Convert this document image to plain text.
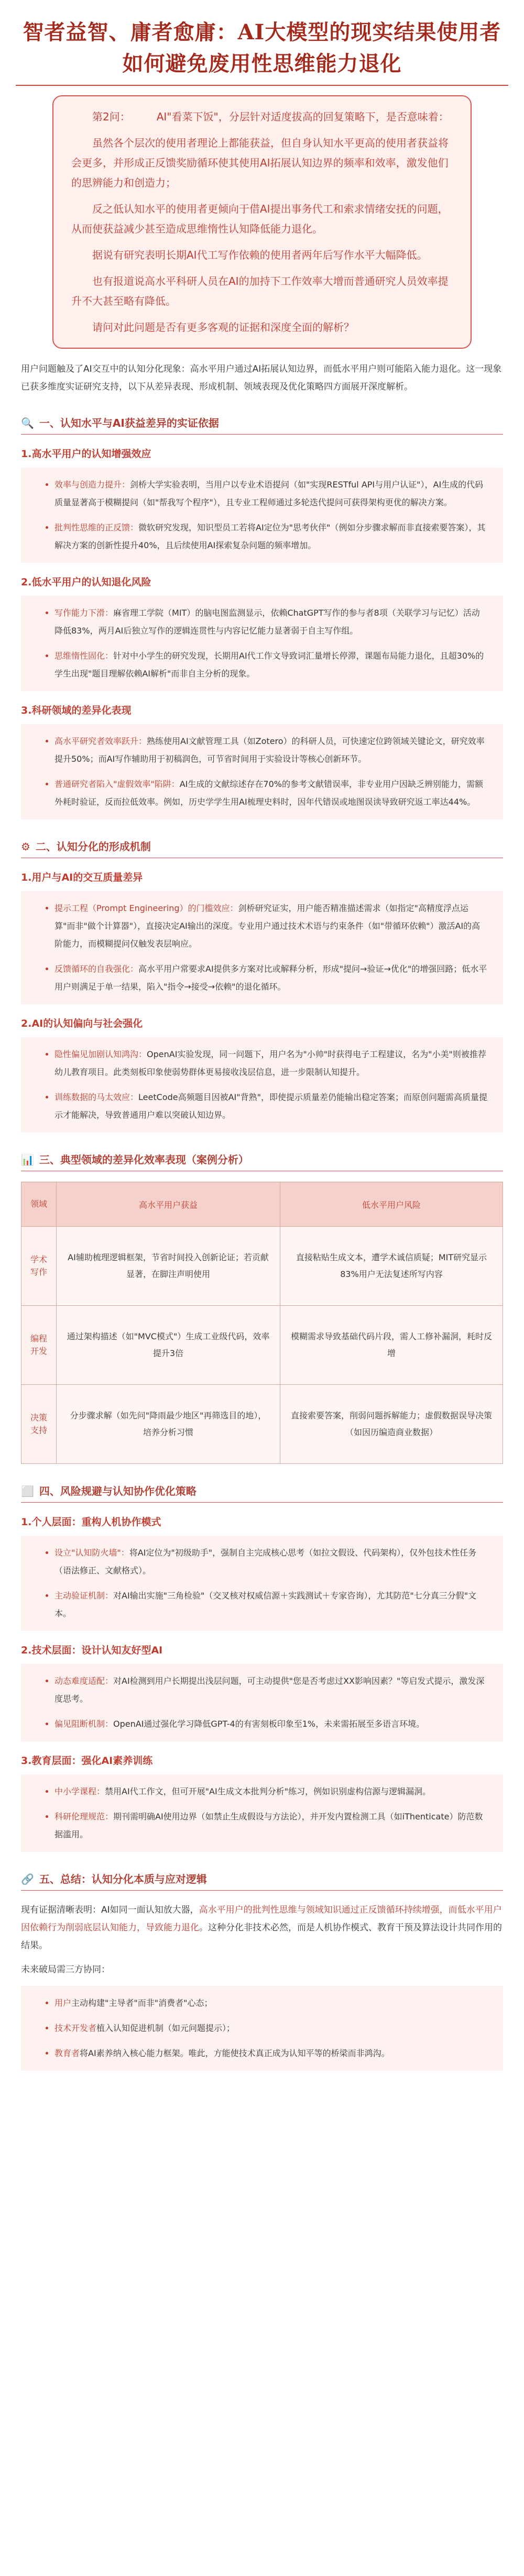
智者益智、庸者愈庸：AI大模型的现实结果使用者如何避免废用性思维能力退化

第2问：　　　AI"看菜下饭"，分层针对适度拔高的回复策略下，是否意味着：

虽然各个层次的使用者理论上都能获益，但自身认知水平更高的使用者获益将会更多，并形成正反馈奖励循环使其使用AI拓展认知边界的频率和效率，激发他们的思辨能力和创造力；

反之低认知水平的使用者更倾向于借AI提出事务代工和索求情绪安抚的问题，从而使获益减少甚至造成思维惰性认知降低能力退化。

据说有研究表明长期AI代工写作依赖的使用者两年后写作水平大幅降低。

也有报道说高水平科研人员在AI的加持下工作效率大增而普通研究人员效率提升不大甚至略有降低。

请问对此问题是否有更多客观的证据和深度全面的解析？

用户问题触及了AI交互中的认知分化现象：高水平用户通过AI拓展认知边界，而低水平用户则可能陷入能力退化。这一现象已获多维度实证研究支持，以下从差异表现、形成机制、领域表现及优化策略四方面展开深度解析。
🔍 一、认知水平与AI获益差异的实证依据
1.高水平用户的认知增强效应
• 效率与创造力提升：剑桥大学实验表明，当用户以专业术语提问（如"实现RESTful API与用户认证"），AI生成的代码质量显著高于模糊提问（如"帮我写个程序"），且专业工程师通过多轮迭代提问可获得架构更优的解决方案。
• 批判性思维的正反馈：微软研究发现，知识型员工若将AI定位为"思考伙伴"（例如分步骤求解而非直接索要答案），其解决方案的创新性提升40%，且后续使用AI探索复杂问题的频率增加。
2.低水平用户的认知退化风险
• 写作能力下滑：麻省理工学院（MIT）的脑电图监测显示，依赖ChatGPT写作的参与者8项（关联学习与记忆）活动降低83%，两月AI后独立写作的逻辑连贯性与内容记忆能力显著弱于自主写作组。
• 思维惰性固化：针对中小学生的研究发现，长期用AI代工作文导致词汇量增长停滞，课题布局能力退化，且超30%的学生出现"题目理解依赖AI解析"而非自主分析的现象。
3.科研领域的差异化表现
• 高水平研究者效率跃升：熟练使用AI文献管理工具（如Zotero）的科研人员，可快速定位跨领域关键论文，研究效率提升50%；而AI写作辅助用于初稿润色，可节省时间用于实验设计等核心创新环节。
• 普通研究者陷入"虚假效率"陷阱：AI生成的文献综述存在70%的参考文献错误率，非专业用户因缺乏辨别能力，需额外耗时验证，反而拉低效率。例如，历史学学生用AI梳理史料时，因年代错误或地图误读导致研究返工率达44%。
⚙ 二、认知分化的形成机制
1.用户与AI的交互质量差异
• 提示工程（Prompt Engineering）的门槛效应：剑桥研究证实，用户能否精准描述需求（如指定"高精度浮点运算"而非"做个计算器"），直接决定AI输出的深度。专业用户通过技术术语与约束条件（如"带循环依赖"）激活AI的高阶能力，而模糊提问仅触发表层响应。
• 反馈循环的自我强化：高水平用户常要求AI提供多方案对比或解释分析，形成"提问→验证→优化"的增强回路；低水平用户则满足于单一结果，陷入"指令→接受→依赖"的退化循环。
2.AI的认知偏向与社会强化
• 隐性偏见加剧认知鸿沟：OpenAI实验发现，同一问题下，用户名为"小帅"时获得电子工程建议，名为"小美"则被推荐幼儿教育项目。此类刻板印象使弱势群体更易接收浅层信息，进一步限制认知提升。
• 训练数据的马太效应：LeetCode高频题目因被AI"背熟"，即使提示质量差仍能输出稳定答案；而原创问题需高质量提示才能解决，导致普通用户难以突破认知边界。
📊 三、典型领域的差异化效率表现（案例分析）
领域	高水平用户获益	低水平用户风险
学术写作	AI辅助梳理逻辑框架，节省时间投入创新论证；若贡献显著，在脚注声明使用	直接粘贴生成文本，遭学术诚信质疑；MIT研究显示83%用户无法复述所写内容
编程开发	通过架构描述（如"MVC模式"）生成工业级代码，效率提升3倍	模糊需求导致基础代码片段，需人工修补漏洞，耗时反增
决策支持	分步骤求解（如先问"降雨最少地区"再筛选目的地），培养分析习惯	直接索要答案，削弱问题拆解能力；虚假数据误导决策（如因历编造商业数据）
⬜ 四、风险规避与认知协作优化策略
1.个人层面：重构人机协作模式
• 设立"认知防火墙"：将AI定位为"初级助手"，强制自主完成核心思考（如拉文假设、代码架构），仅外包技术性任务（语法修正、文献格式）。
• 主动验证机制：对AI输出实施"三角检验"（交叉核对权威信源＋实践测试＋专家咨询），尤其防范"七分真三分假"文本。
2.技术层面：设计认知友好型AI
• 动态难度适配：对AI检测到用户长期提出浅层问题，可主动提供"您是否考虑过XX影响因素？"等启发式提示，激发深度思考。
• 偏见阻断机制：OpenAI通过强化学习降低GPT-4的有害刻板印象至1%，未来需拓展至多语言环境。
3.教育层面：强化AI素养训练
• 中小学课程：禁用AI代工作文，但可开展"AI生成文本批判分析"练习，例如识别虚构信源与逻辑漏洞。
• 科研伦理规范：期刊需明确AI使用边界（如禁止生成假设与方法论），并开发内置检测工具（如iThenticate）防范数据滥用。
🔗 五、总结：认知分化本质与应对逻辑
现有证据清晰表明：AI如同一面认知放大器，高水平用户的批判性思维与领域知识通过正反馈循环持续增强，而低水平用户因依赖行为削弱底层认知能力，导致能力退化。这种分化非技术必然，而是人机协作模式、教育干预及算法设计共同作用的结果。
未来破局需三方协同：
• 用户主动构建"主导者"而非"消费者"心态；
• 技术开发者植入认知促进机制（如元问题提示）；
• 教育者将AI素养纳入核心能力框架。唯此，方能使技术真正成为认知平等的桥梁而非鸿沟。
